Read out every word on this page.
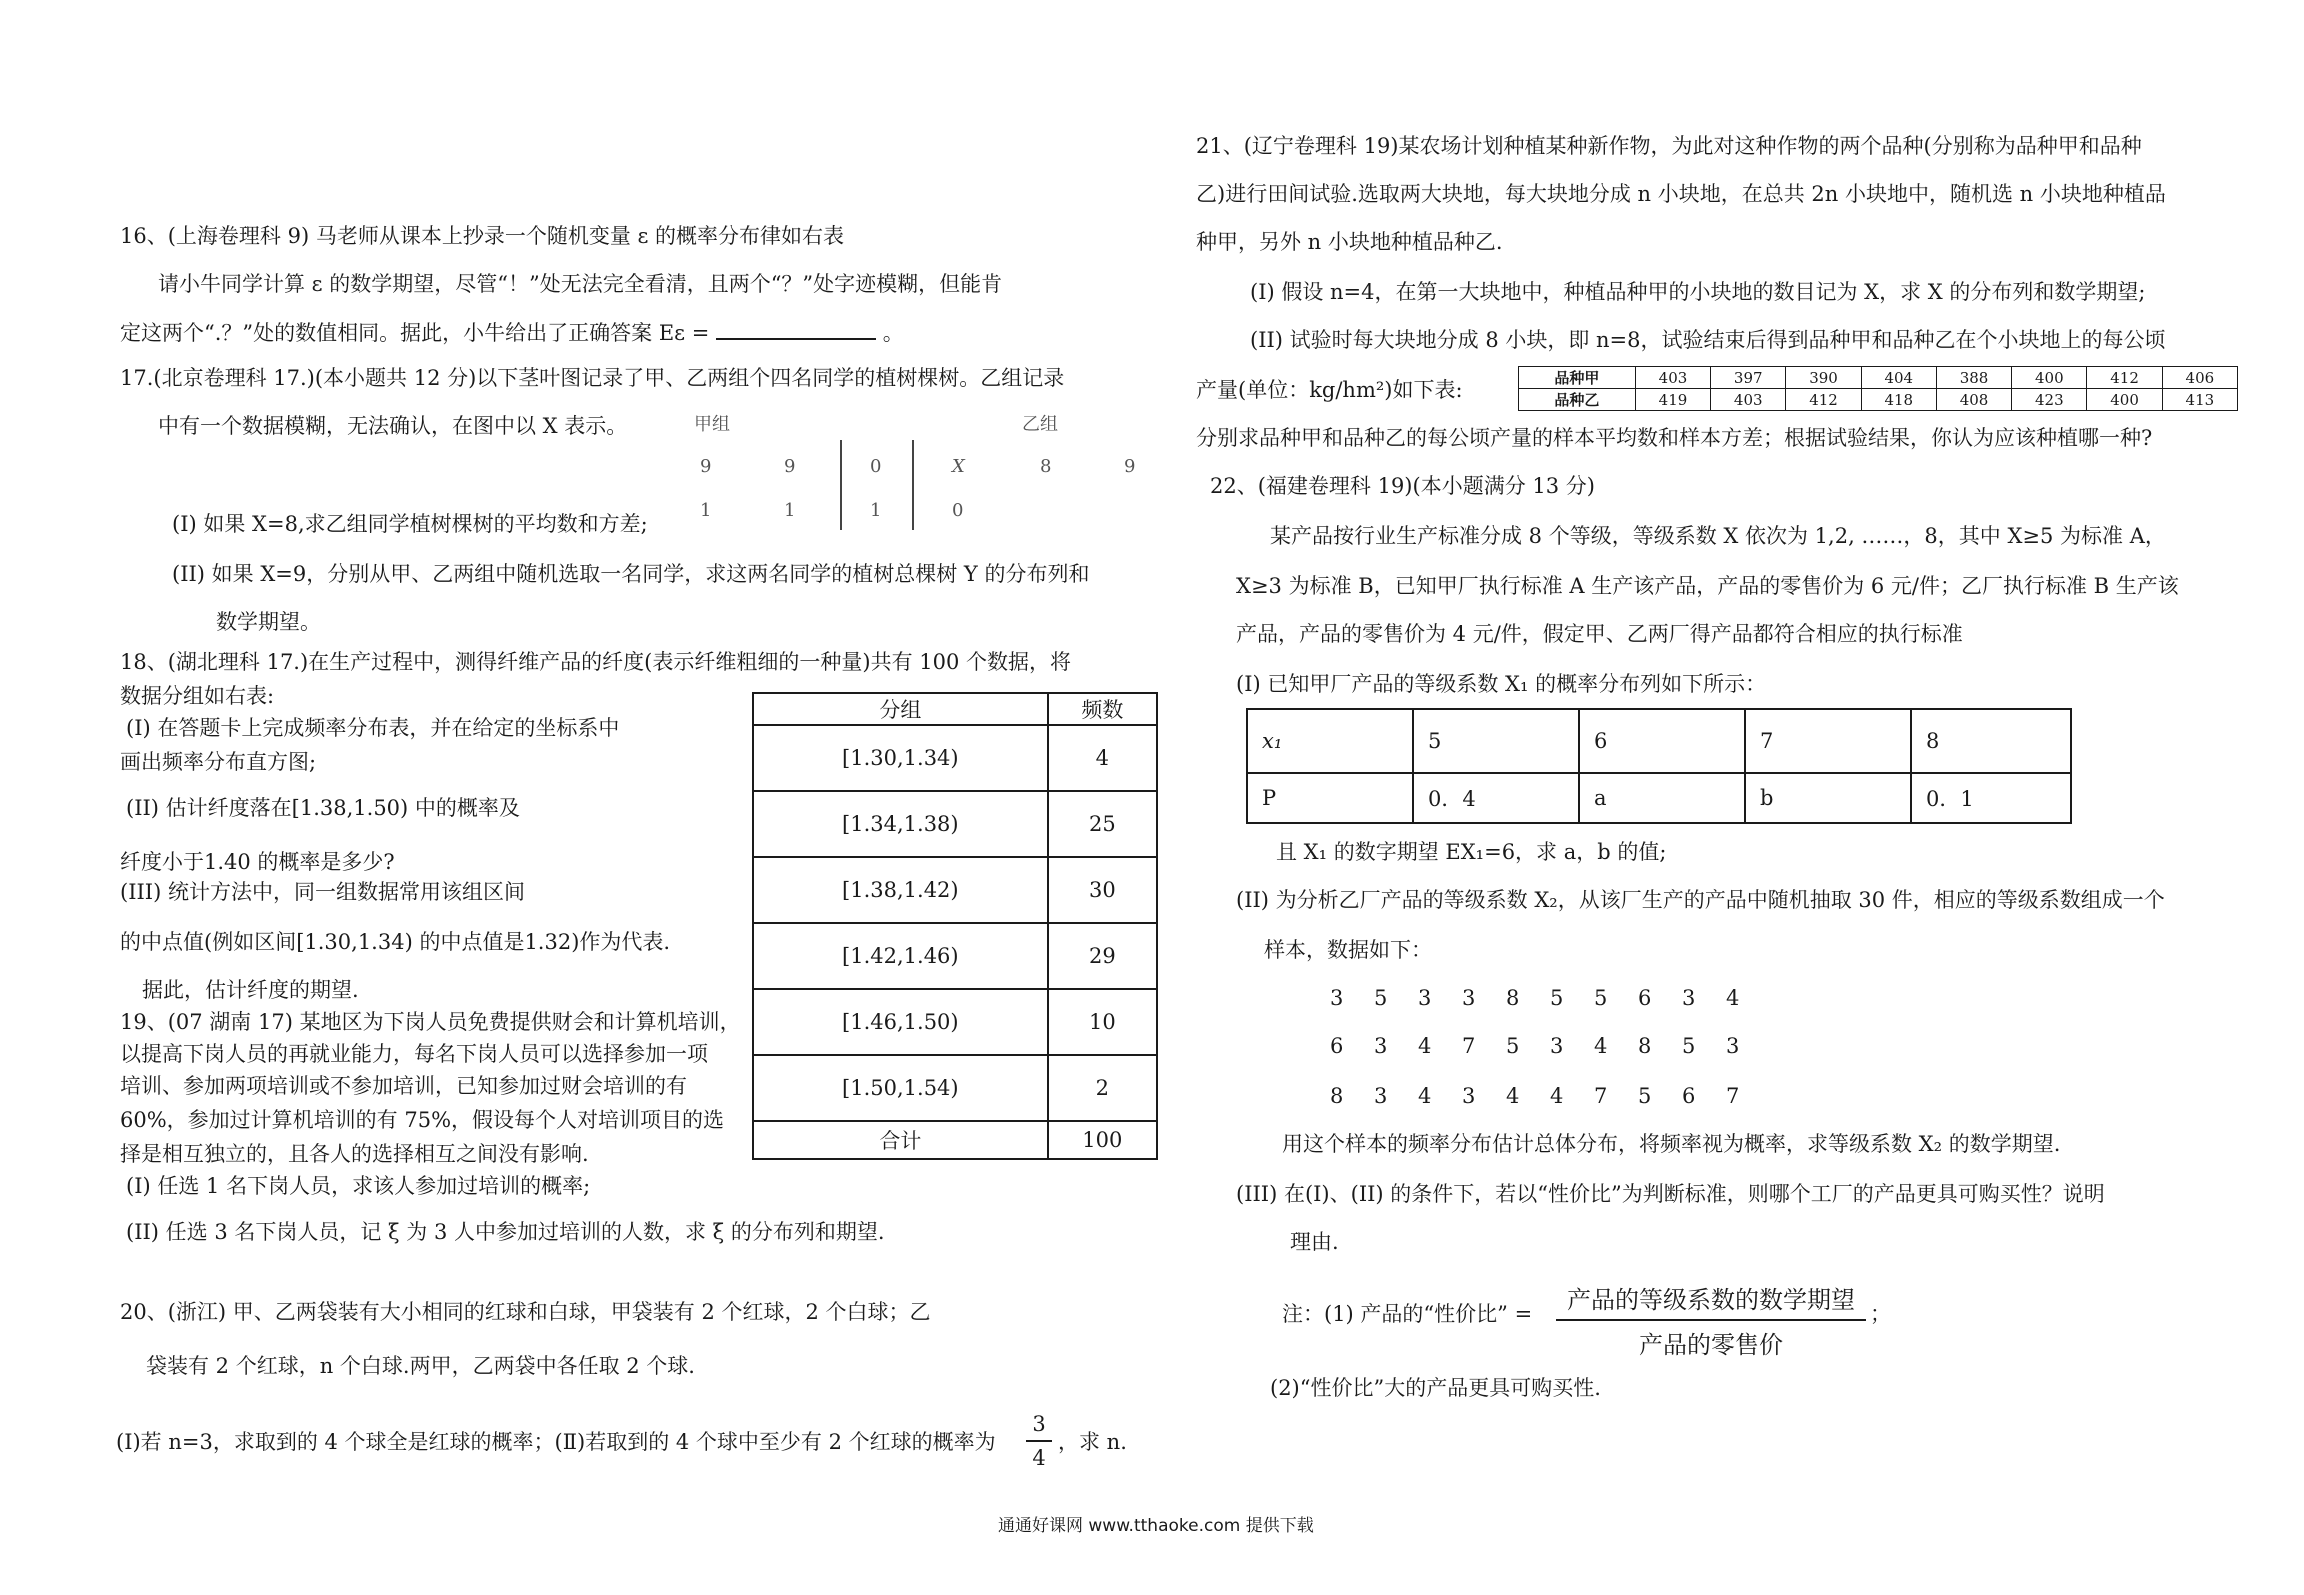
16、(上海卷理科 9) 马老师从课本上抄录一个随机变量 ε 的概率分布律如右表
请小牛同学计算 ε 的数学期望，尽管“！”处无法完全看清，且两个“？”处字迹模糊，但能肯
定这两个“.？”处的数值相同。据此，小牛给出了正确答案 Eε =	。
17.(北京卷理科 17.)(本小题共 12 分)以下茎叶图记录了甲、乙两组个四名同学的植树棵树。乙组记录
中有一个数据模糊，无法确认，在图中以 X 表示。	甲组	乙组
9	9	0	X	8	9
1	1	1	0
(I) 如果 X=8,求乙组同学植树棵树的平均数和方差;
(II) 如果 X=9，分别从甲、乙两组中随机选取一名同学，求这两名同学的植树总棵树 Y 的分布列和
数学期望。
18、(湖北理科 17.)在生产过程中，测得纤维产品的纤度(表示纤维粗细的一种量)共有 100 个数据，将
数据分组如右表:
(I) 在答题卡上完成频率分布表，并在给定的坐标系中
画出频率分布直方图;
(II) 估计纤度落在[1.38,1.50) 中的概率及
纤度小于1.40 的概率是多少?
(III) 统计方法中，同一组数据常用该组区间
的中点值(例如区间[1.30,1.34) 的中点值是1.32)作为代表.
据此，估计纤度的期望.
分组	频数
[1.30,1.34)	4
[1.34,1.38)	25
[1.38,1.42)	30
[1.42,1.46)	29
[1.46,1.50)	10
[1.50,1.54)	2
合计	100
19、(07 湖南 17) 某地区为下岗人员免费提供财会和计算机培训，
以提高下岗人员的再就业能力，每名下岗人员可以选择参加一项
培训、参加两项培训或不参加培训，已知参加过财会培训的有
60%，参加过计算机培训的有 75%，假设每个人对培训项目的选
择是相互独立的，且各人的选择相互之间没有影响.
(I) 任选 1 名下岗人员，求该人参加过培训的概率;
(II) 任选 3 名下岗人员，记 ξ 为 3 人中参加过培训的人数，求 ξ 的分布列和期望.
20、(浙江) 甲、乙两袋装有大小相同的红球和白球，甲袋装有 2 个红球，2 个白球；乙
袋装有 2 个红球，n 个白球.两甲，乙两袋中各任取 2 个球.
(Ⅰ)若 n=3，求取到的 4 个球全是红球的概率；(Ⅱ)若取到的 4 个球中至少有 2 个红球的概率为
3
4
，求 n.
21、(辽宁卷理科 19)某农场计划种植某种新作物，为此对这种作物的两个品种(分别称为品种甲和品种
乙)进行田间试验.选取两大块地，每大块地分成 n 小块地，在总共 2n 小块地中，随机选 n 小块地种植品
种甲，另外 n 小块地种植品种乙.
(I) 假设 n=4，在第一大块地中，种植品种甲的小块地的数目记为 X，求 X 的分布列和数学期望;
(II) 试验时每大块地分成 8 小块，即 n=8，试验结束后得到品种甲和品种乙在个小块地上的每公顷
产量(单位：kg/hm²)如下表:	品种甲	403	397	390	404	388	400	412	406
品种乙	419	403	412	418	408	423	400	413
分别求品种甲和品种乙的每公顷产量的样本平均数和样本方差；根据试验结果，你认为应该种植哪一种?
22、(福建卷理科 19)(本小题满分 13 分)
某产品按行业生产标准分成 8 个等级，等级系数 X 依次为 1,2, ……，8，其中 X≥5 为标准 A，
X≥3 为标准 B，已知甲厂执行标准 A 生产该产品，产品的零售价为 6 元/件；乙厂执行标准 B 生产该
产品，产品的零售价为 4 元/件，假定甲、乙两厂得产品都符合相应的执行标准
(I) 已知甲厂产品的等级系数 X₁ 的概率分布列如下所示：
x₁	5	6	7	8
P	0．4	a	b	0．1
且 X₁ 的数字期望 EX₁=6，求 a，b 的值;
(II) 为分析乙厂产品的等级系数 X₂，从该厂生产的产品中随机抽取 30 件，相应的等级系数组成一个
样本，数据如下：
3 5 3 3 8 5 5 6 3 4
6 3 4 7 5 3 4 8 5 3
8 3 4 3 4 4 7 5 6 7
用这个样本的频率分布估计总体分布，将频率视为概率，求等级系数 X₂ 的数学期望.
(III) 在(I)、(II) 的条件下，若以“性价比”为判断标准，则哪个工厂的产品更具可购买性？说明
理由.
注：(1) 产品的“性价比” =	产品的等级系数的数学期望
产品的零售价
；
(2)“性价比”大的产品更具可购买性.
通通好课网 www.tthaoke.com 提供下载
